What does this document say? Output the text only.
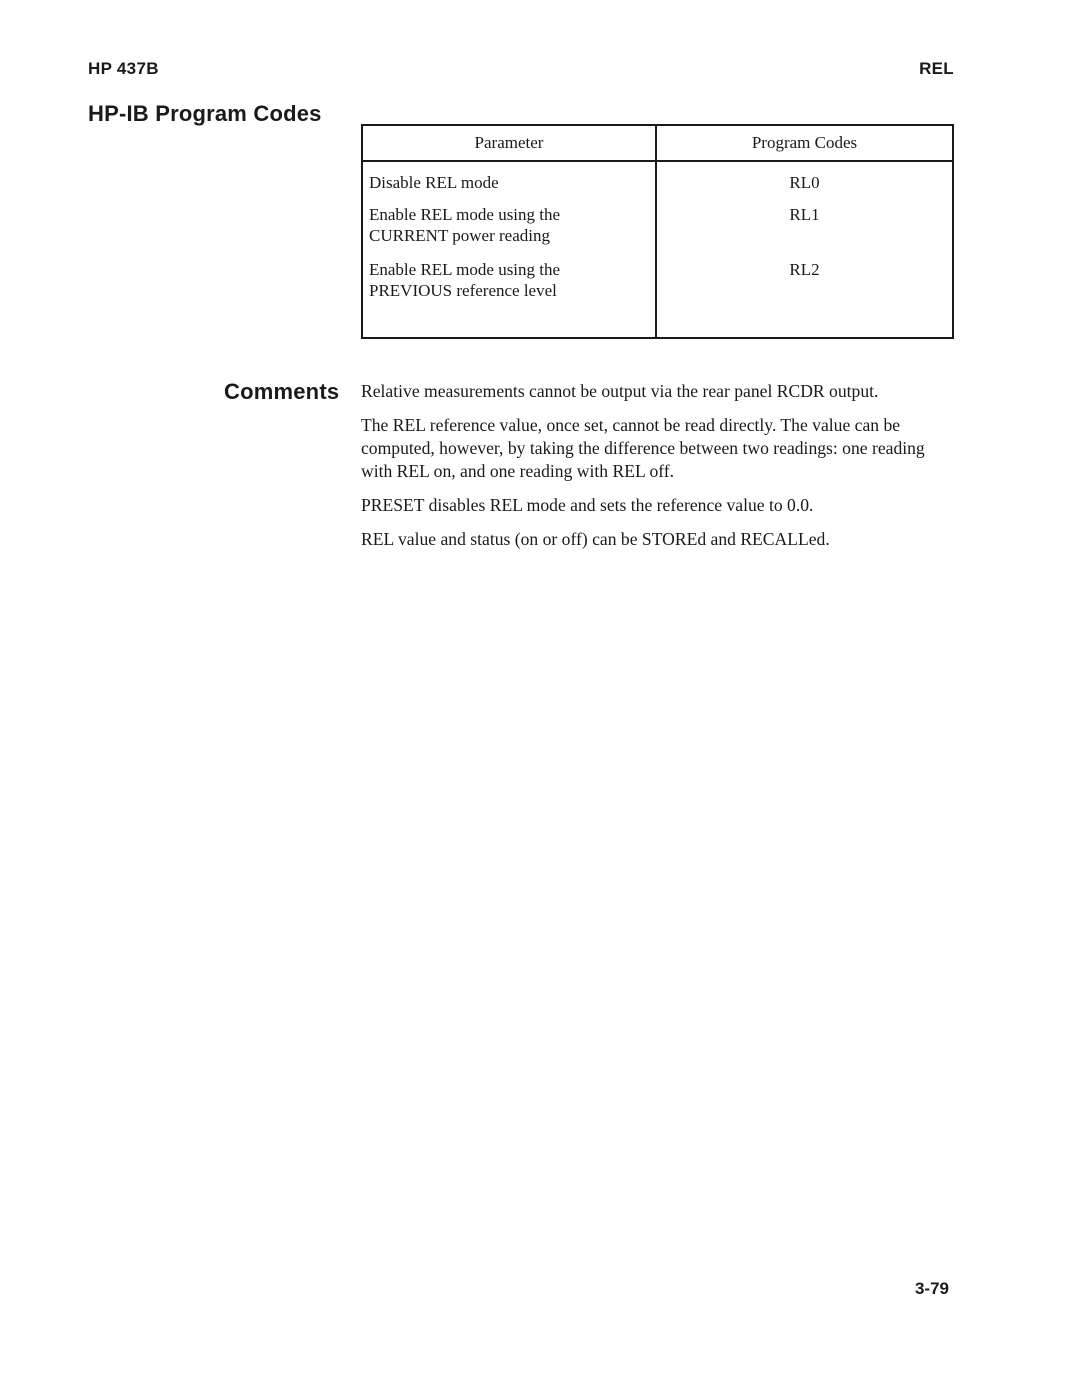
HP 437B	REL
HP-IB Program Codes
Parameter	Program Codes

Disable REL mode	RL0

Enable REL mode using the
CURRENT power reading	RL1

Enable REL mode using the
PREVIOUS reference level	RL2
Comments Relative measurements cannot be output via the rear panel RCDR output.

The REL reference value, once set, cannot be read directly. The value can be computed, however, by taking the difference between two readings: one reading with REL on, and one reading with REL off.

PRESET disables REL mode and sets the reference value to 0.0.

REL value and status (on or off) can be STOREd and RECALLed.

3-79
